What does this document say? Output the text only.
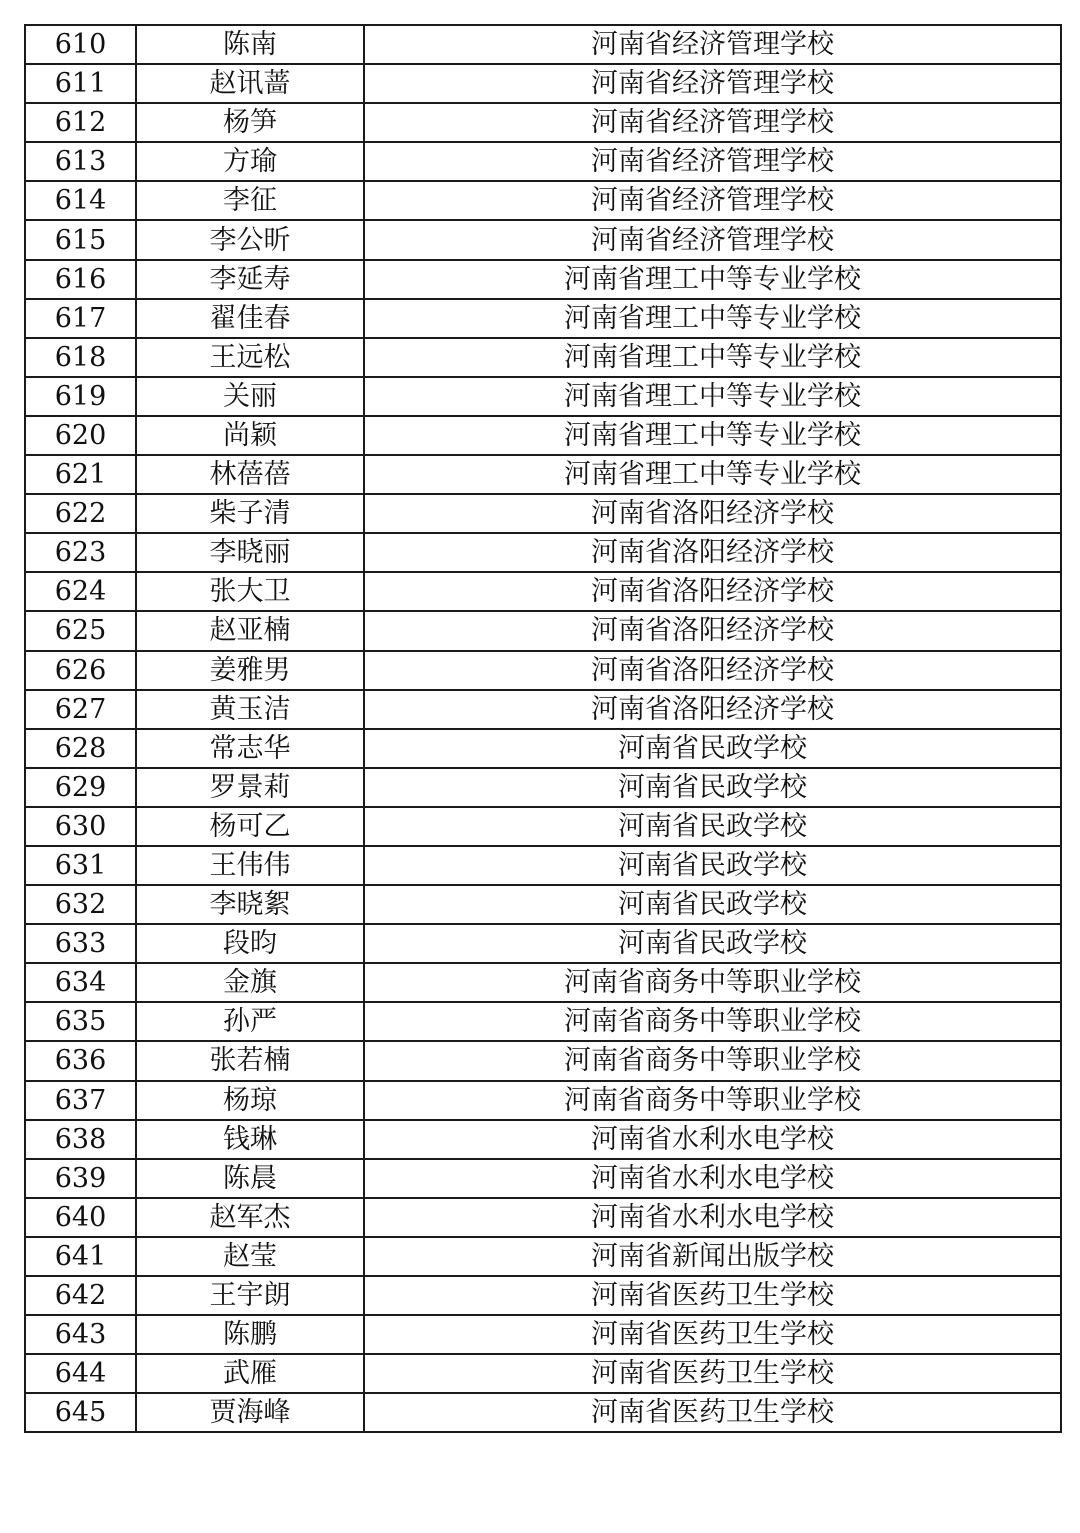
610	陈南	河南省经济管理学校
611	赵讯蔷	河南省经济管理学校
612	杨笋	河南省经济管理学校
613	方瑜	河南省经济管理学校
614	李征	河南省经济管理学校
615	李公昕	河南省经济管理学校
616	李延寿	河南省理工中等专业学校
617	翟佳春	河南省理工中等专业学校
618	王远松	河南省理工中等专业学校
619	关丽	河南省理工中等专业学校
620	尚颖	河南省理工中等专业学校
621	林蓓蓓	河南省理工中等专业学校
622	柴子清	河南省洛阳经济学校
623	李晓丽	河南省洛阳经济学校
624	张大卫	河南省洛阳经济学校
625	赵亚楠	河南省洛阳经济学校
626	姜雅男	河南省洛阳经济学校
627	黄玉洁	河南省洛阳经济学校
628	常志华	河南省民政学校
629	罗景莉	河南省民政学校
630	杨可乙	河南省民政学校
631	王伟伟	河南省民政学校
632	李晓絮	河南省民政学校
633	段昀	河南省民政学校
634	金旗	河南省商务中等职业学校
635	孙严	河南省商务中等职业学校
636	张若楠	河南省商务中等职业学校
637	杨琼	河南省商务中等职业学校
638	钱琳	河南省水利水电学校
639	陈晨	河南省水利水电学校
640	赵军杰	河南省水利水电学校
641	赵莹	河南省新闻出版学校
642	王宇朗	河南省医药卫生学校
643	陈鹏	河南省医药卫生学校
644	武雁	河南省医药卫生学校
645	贾海峰	河南省医药卫生学校
